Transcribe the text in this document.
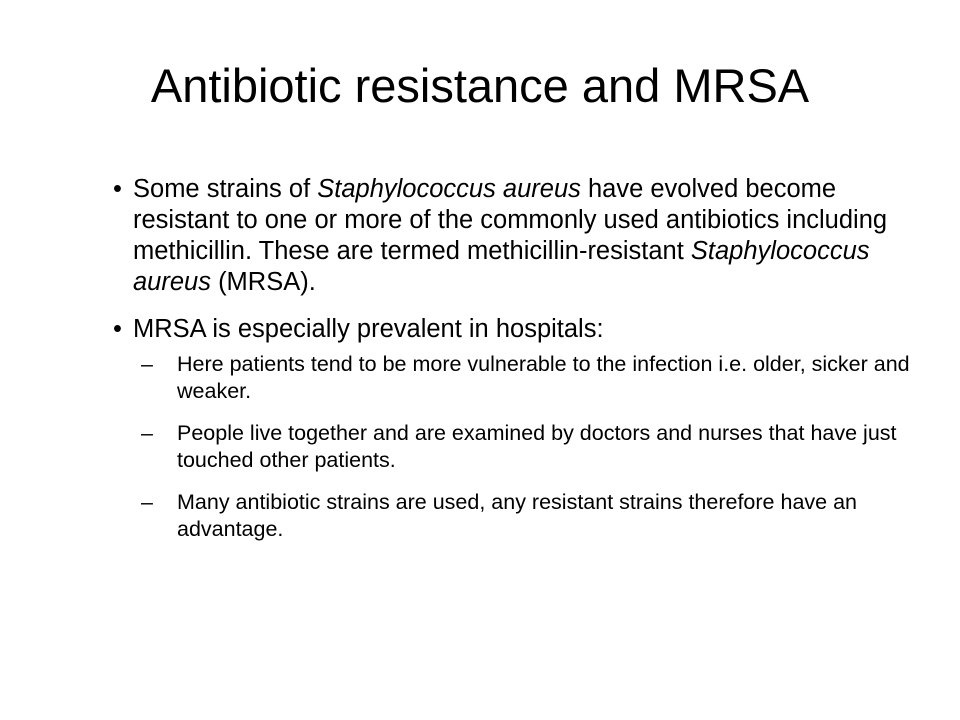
Antibiotic resistance and MRSA
• Some strains of Staphylococcus aureus have evolved become resistant to one or more of the commonly used antibiotics including methicillin. These are termed methicillin-resistant Staphylococcus aureus (MRSA).
• MRSA is especially prevalent in hospitals:
– Here patients tend to be more vulnerable to the infection i.e. older, sicker and weaker.
– People live together and are examined by doctors and nurses that have just touched other patients.
– Many antibiotic strains are used, any resistant strains therefore have an advantage.
